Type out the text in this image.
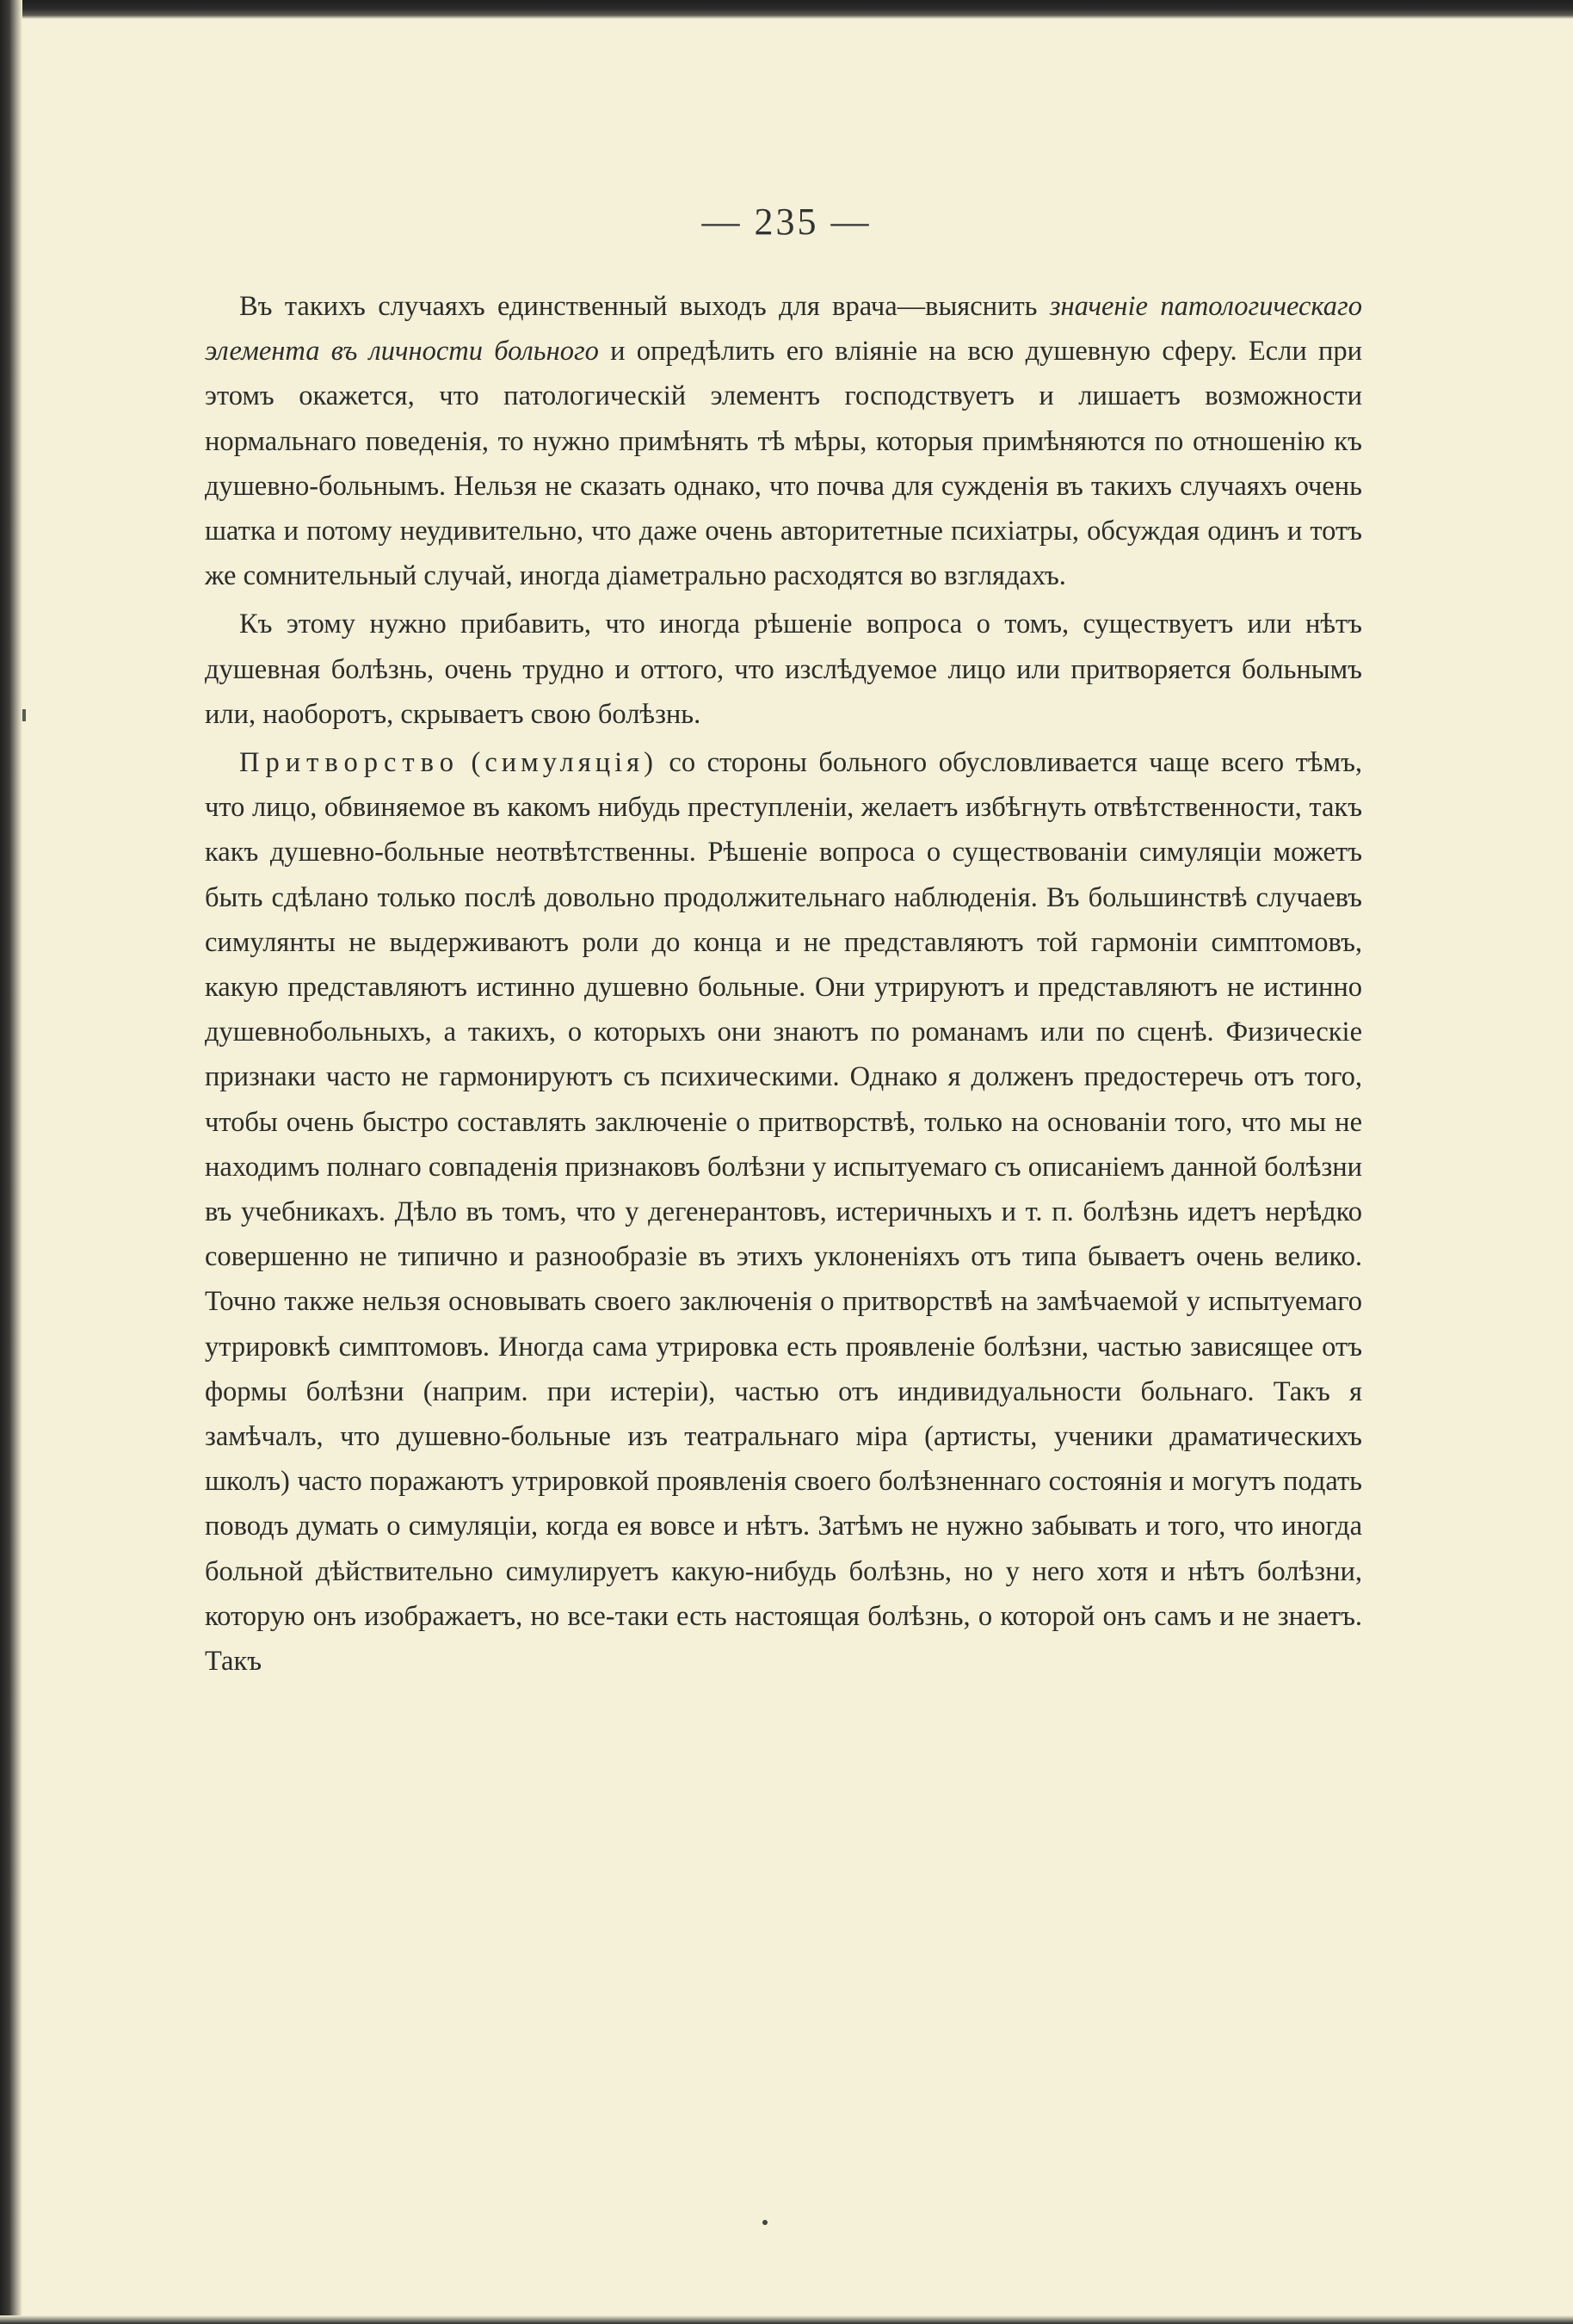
— 235 —

Въ такихъ случаяхъ единственный выходъ для врача—выяснить значеніе патологическаго элемента въ личности больного и опредѣлить его вліяніе на всю душевную сферу. Если при этомъ окажется, что патологическій элементъ господствуетъ и лишаетъ возможности нормальнаго поведенія, то нужно примѣнять тѣ мѣры, которыя примѣняются по отношенію къ душевно-больнымъ. Нельзя не сказать однако, что почва для сужденія въ такихъ случаяхъ очень шатка и потому неудивительно, что даже очень авторитетные психіатры, обсуждая одинъ и тотъ же сомнительный случай, иногда діаметрально расходятся во взглядахъ.

Къ этому нужно прибавить, что иногда рѣшеніе вопроса о томъ, существуетъ или нѣтъ душевная болѣзнь, очень трудно и оттого, что изслѣдуемое лицо или притворяется больнымъ или, наоборотъ, скрываетъ свою болѣзнь.

Притворство (симуляція) со стороны больного обусловливается чаще всего тѣмъ, что лицо, обвиняемое въ какомъ нибудь преступленіи, желаетъ избѣгнуть отвѣтственности, такъ какъ душевно-больные неотвѣтственны. Рѣшеніе вопроса о существованіи симуляціи можетъ быть сдѣлано только послѣ довольно продолжительнаго наблюденія. Въ большинствѣ случаевъ симулянты не выдерживаютъ роли до конца и не представляютъ той гармоніи симптомовъ, какую представляютъ истинно душевно больные. Они утрируютъ и представляютъ не истинно душевнобольныхъ, а такихъ, о которыхъ они знаютъ по романамъ или по сценѣ. Физическіе признаки часто не гармонируютъ съ психическими. Однако я долженъ предостеречь отъ того, чтобы очень быстро составлять заключеніе о притворствѣ, только на основаніи того, что мы не находимъ полнаго совпаденія признаковъ болѣзни у испытуемаго съ описаніемъ данной болѣзни въ учебникахъ. Дѣло въ томъ, что у дегенерантовъ, истеричныхъ и т. п. болѣзнь идетъ нерѣдко совершенно не типично и разнообразіе въ этихъ уклоненіяхъ отъ типа бываетъ очень велико. Точно также нельзя основывать своего заключенія о притворствѣ на замѣчаемой у испытуемаго утрировкѣ симптомовъ. Иногда сама утрировка есть проявленіе болѣзни, частью зависящее отъ формы болѣзни (наприм. при истеріи), частью отъ индивидуальности больнаго. Такъ я замѣчалъ, что душевно-больные изъ театральнаго міра (артисты, ученики драматическихъ школъ) часто поражаютъ утрировкой проявленія своего болѣзненнаго состоянія и могутъ подать поводъ думать о симуляціи, когда ея вовсе и нѣтъ. Затѣмъ не нужно забывать и того, что иногда больной дѣйствительно симулируетъ какую-нибудь болѣзнь, но у него хотя и нѣтъ болѣзни, которую онъ изображаетъ, но все-таки есть настоящая болѣзнь, о которой онъ самъ и не знаетъ. Такъ
